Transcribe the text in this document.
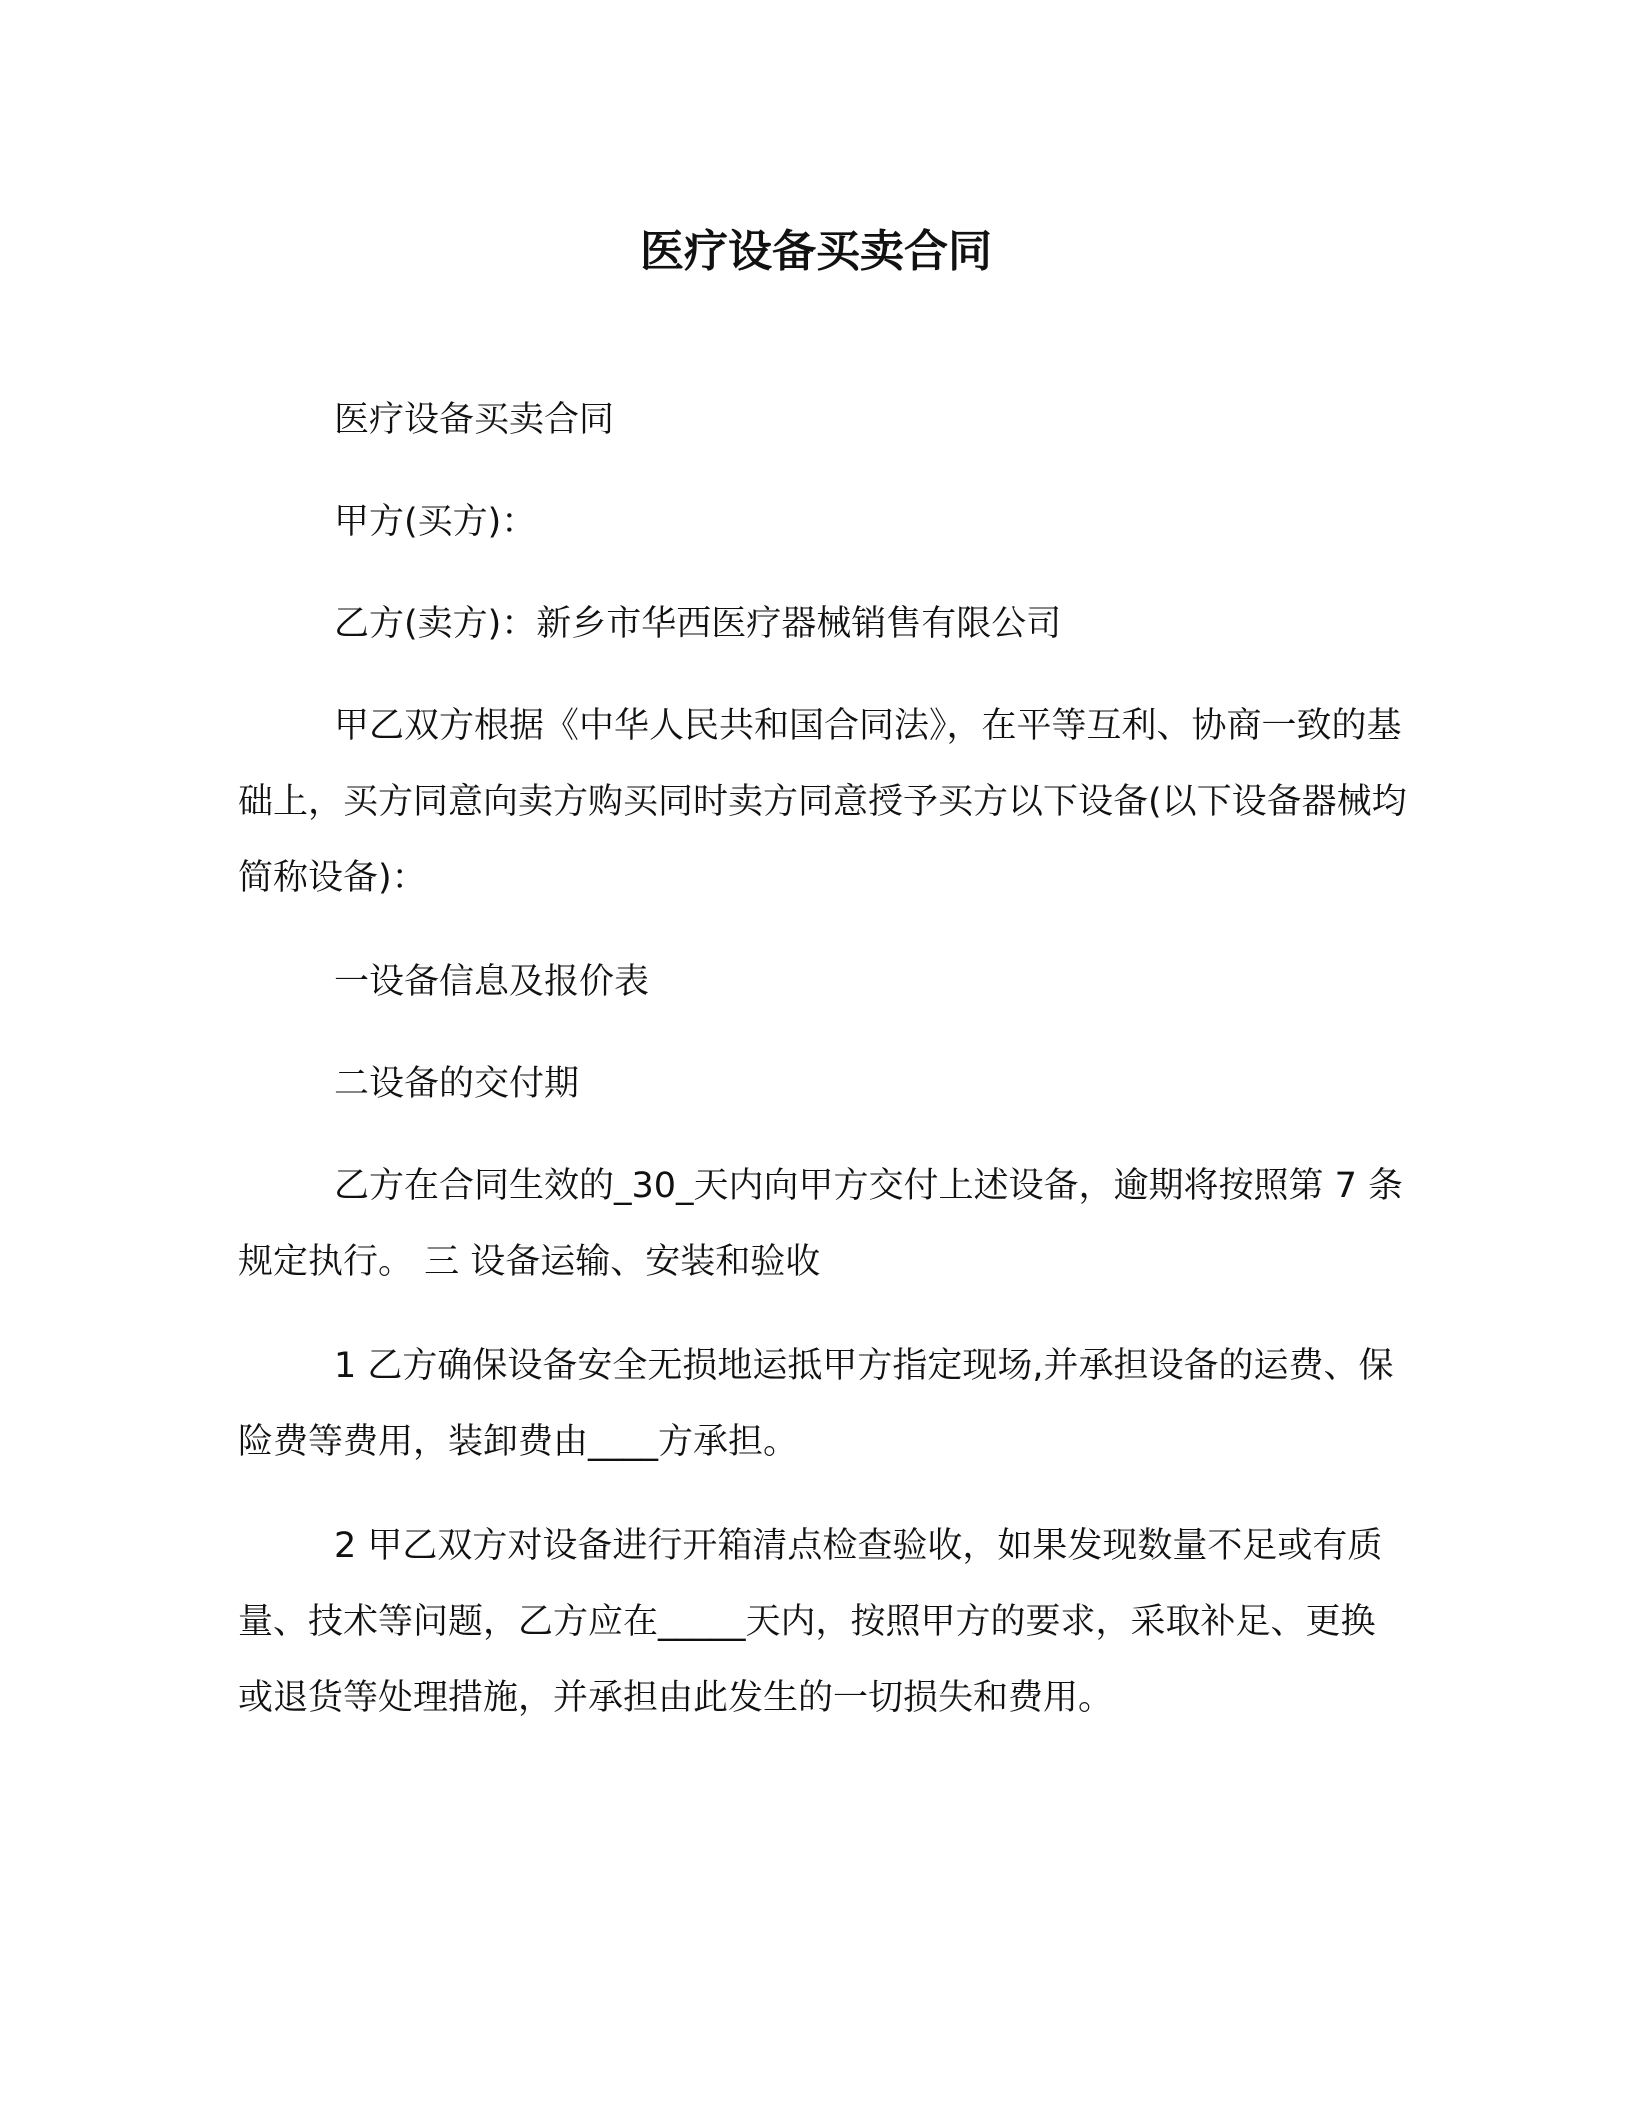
医疗设备买卖合同

医疗设备买卖合同

甲方(买方)：

乙方(卖方)：新乡市华西医疗器械销售有限公司

甲乙双方根据《中华人民共和国合同法》，在平等互利、协商一致的基础上，买方同意向卖方购买同时卖方同意授予买方以下设备(以下设备器械均简称设备)：

一设备信息及报价表

二设备的交付期

乙方在合同生效的_30_天内向甲方交付上述设备，逾期将按照第 7 条规定执行。 三 设备运输、安装和验收

1 乙方确保设备安全无损地运抵甲方指定现场,并承担设备的运费、保险费等费用，装卸费由____方承担。

2 甲乙双方对设备进行开箱清点检查验收，如果发现数量不足或有质量、技术等问题，乙方应在_____天内，按照甲方的要求，采取补足、更换或退货等处理措施，并承担由此发生的一切损失和费用。
